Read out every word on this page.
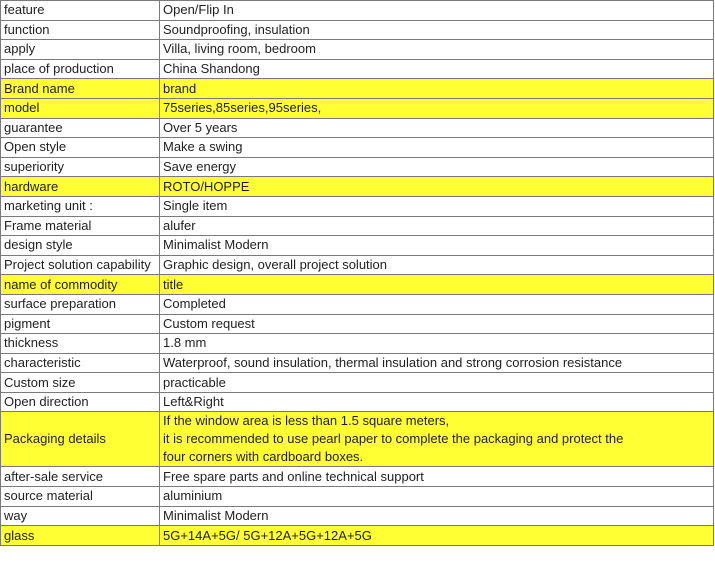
feature	Open/Flip In
function	Soundproofing, insulation
apply	Villa, living room, bedroom
place of production	China Shandong
Brand name	brand
model	75series,85series,95series,
guarantee	Over 5 years
Open style	Make a swing
superiority	Save energy
hardware	ROTO/HOPPE
marketing unit :	Single item
Frame material	alufer
design style	Minimalist Modern
Project solution capability	Graphic design, overall project solution
name of commodity	title
surface preparation	Completed
pigment	Custom request
thickness	1.8 mm
characteristic	Waterproof, sound insulation, thermal insulation and strong corrosion resistance
Custom size	practicable
Open direction	Left&Right
Packaging details	If the window area is less than 1.5 square meters,
it is recommended to use pearl paper to complete the packaging and protect the
four corners with cardboard boxes.

after-sale service	Free spare parts and online technical support
source material	aluminium
way	Minimalist Modern
glass	5G+14A+5G/ 5G+12A+5G+12A+5G
